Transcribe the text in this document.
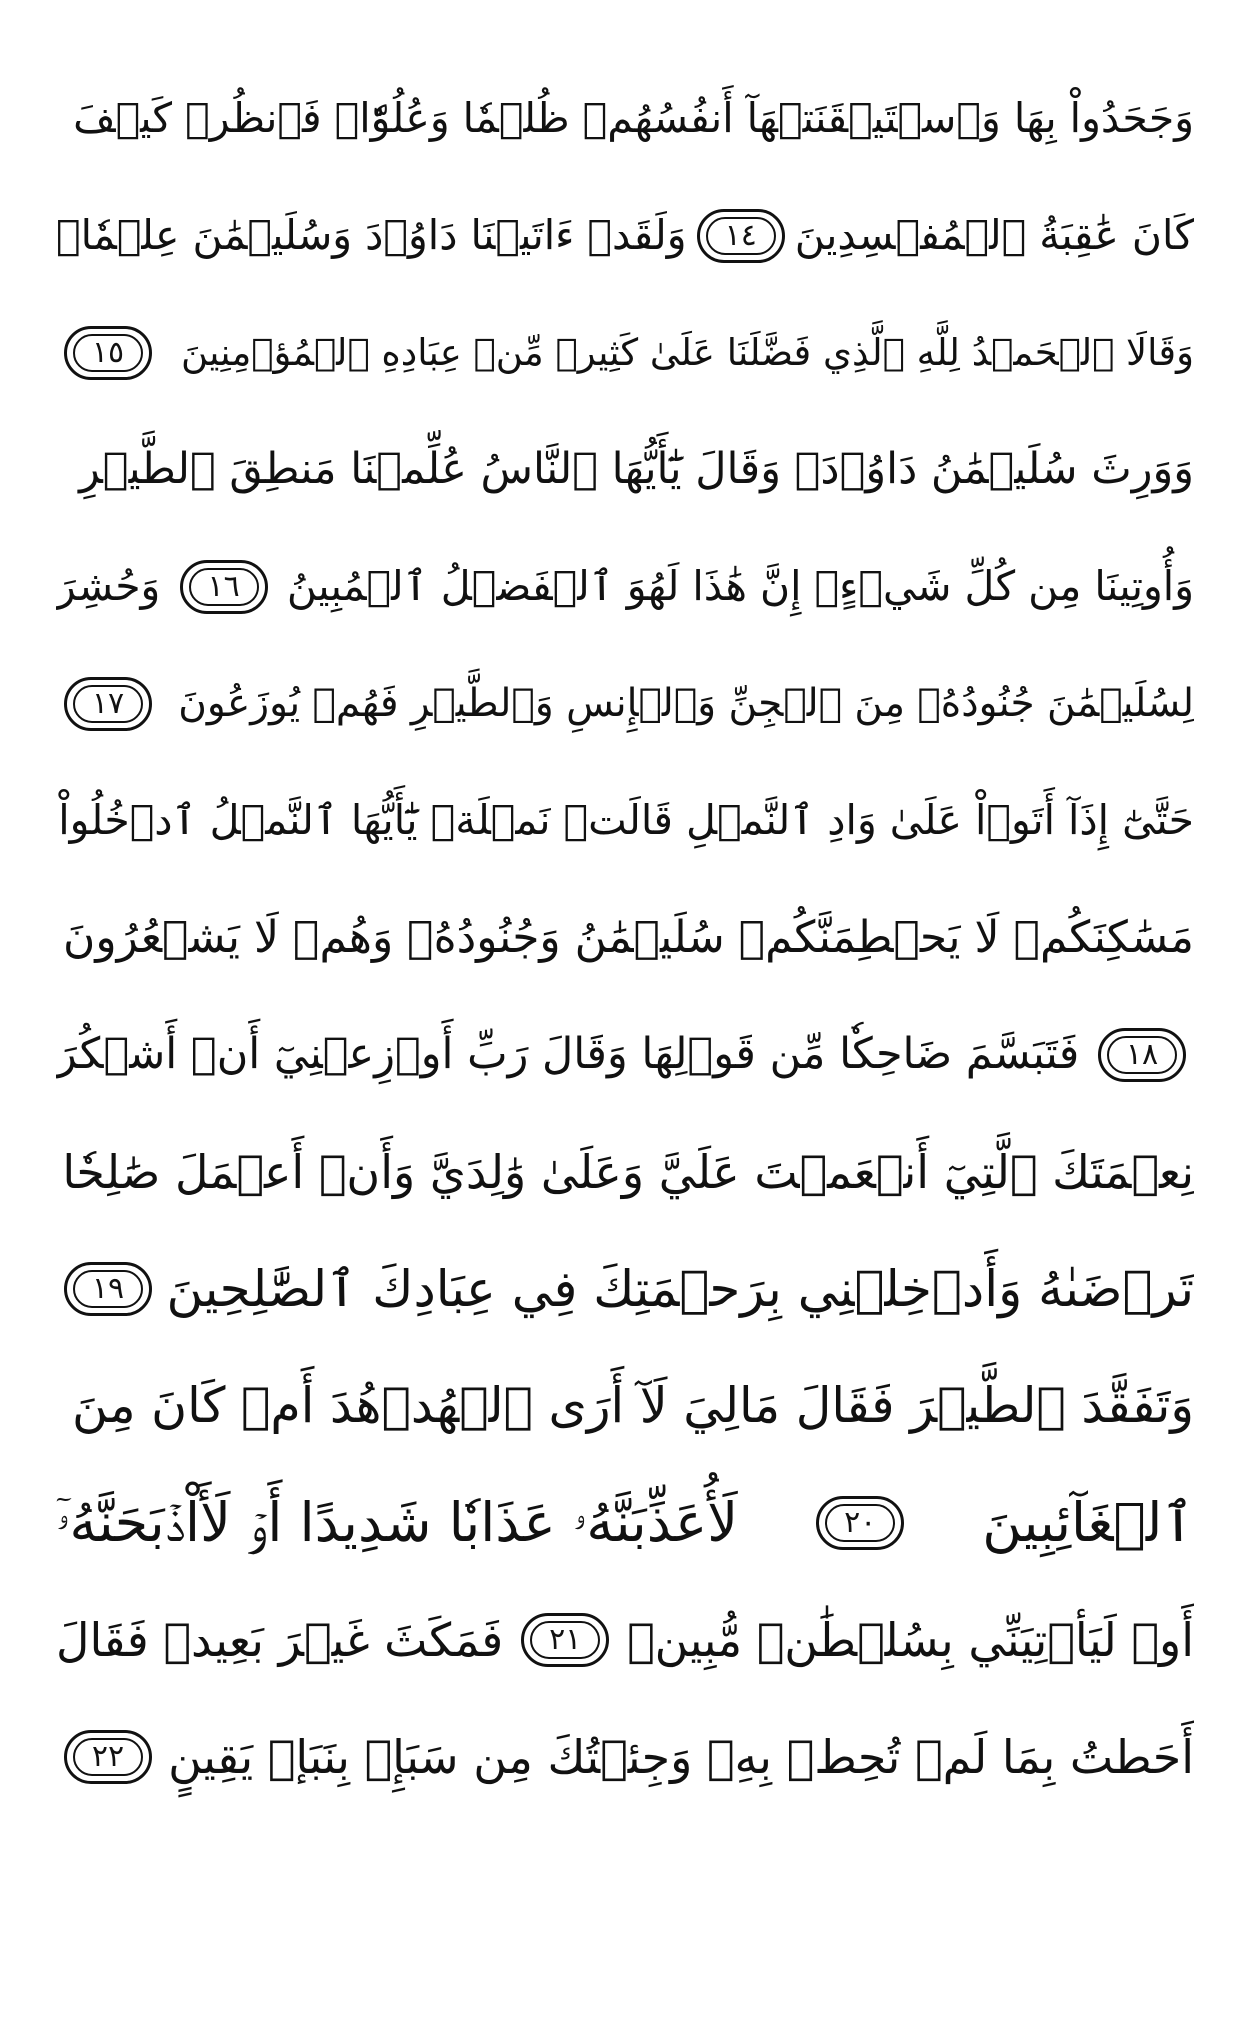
وَجَحَدُواْ بِهَا وَٱسۡتَيۡقَنَتۡهَآ أَنفُسُهُمۡ ظُلۡمٗا وَعُلُوّٗاۚ فَٱنظُرۡ كَيۡفَ
كَانَ عَٰقِبَةُ ٱلۡمُفۡسِدِينَ
١٤
وَلَقَدۡ ءَاتَيۡنَا دَاوُۥدَ وَسُلَيۡمَٰنَ عِلۡمٗاۖ
وَقَالَا ٱلۡحَمۡدُ لِلَّهِ ٱلَّذِي فَضَّلَنَا عَلَىٰ كَثِيرٖ مِّنۡ عِبَادِهِ ٱلۡمُؤۡمِنِينَ
١٥
وَوَرِثَ سُلَيۡمَٰنُ دَاوُۥدَۖ وَقَالَ يَٰٓأَيُّهَا ٱلنَّاسُ عُلِّمۡنَا مَنطِقَ ٱلطَّيۡرِ
وَأُوتِينَا مِن كُلِّ شَيۡءٍۖ إِنَّ هَٰذَا لَهُوَ ٱلۡفَضۡلُ ٱلۡمُبِينُ
١٦
وَحُشِرَ
لِسُلَيۡمَٰنَ جُنُودُهُۥ مِنَ ٱلۡجِنِّ وَٱلۡإِنسِ وَٱلطَّيۡرِ فَهُمۡ يُوزَعُونَ
١٧
حَتَّىٰٓ إِذَآ أَتَوۡاْ عَلَىٰ وَادِ ٱلنَّمۡلِ قَالَتۡ نَمۡلَةٞ يَٰٓأَيُّهَا ٱلنَّمۡلُ ٱدۡخُلُواْ
مَسَٰكِنَكُمۡ لَا يَحۡطِمَنَّكُمۡ سُلَيۡمَٰنُ وَجُنُودُهُۥ وَهُمۡ لَا يَشۡعُرُونَ
١٨
فَتَبَسَّمَ ضَاحِكٗا مِّن قَوۡلِهَا وَقَالَ رَبِّ أَوۡزِعۡنِيٓ أَنۡ أَشۡكُرَ
نِعۡمَتَكَ ٱلَّتِيٓ أَنۡعَمۡتَ عَلَيَّ وَعَلَىٰ وَٰلِدَيَّ وَأَنۡ أَعۡمَلَ صَٰلِحٗا
تَرۡضَىٰهُ وَأَدۡخِلۡنِي بِرَحۡمَتِكَ فِي عِبَادِكَ ٱلصَّٰلِحِينَ
١٩
وَتَفَقَّدَ ٱلطَّيۡرَ فَقَالَ مَالِيَ لَآ أَرَى ٱلۡهُدۡهُدَ أَمۡ كَانَ مِنَ
ٱلۡغَآئِبِينَ
٢٠
لَأُعَذِّبَنَّهُۥ عَذَابٗا شَدِيدًا أَوۡ لَأَاْذۡبَحَنَّهُۥٓ
أَوۡ لَيَأۡتِيَنِّي بِسُلۡطَٰنٖ مُّبِينٖ
٢١
فَمَكَثَ غَيۡرَ بَعِيدٖ فَقَالَ
أَحَطتُ بِمَا لَمۡ تُحِطۡ بِهِۦ وَجِئۡتُكَ مِن سَبَإِۭ بِنَبَإٖ يَقِينٍ
٢٢
